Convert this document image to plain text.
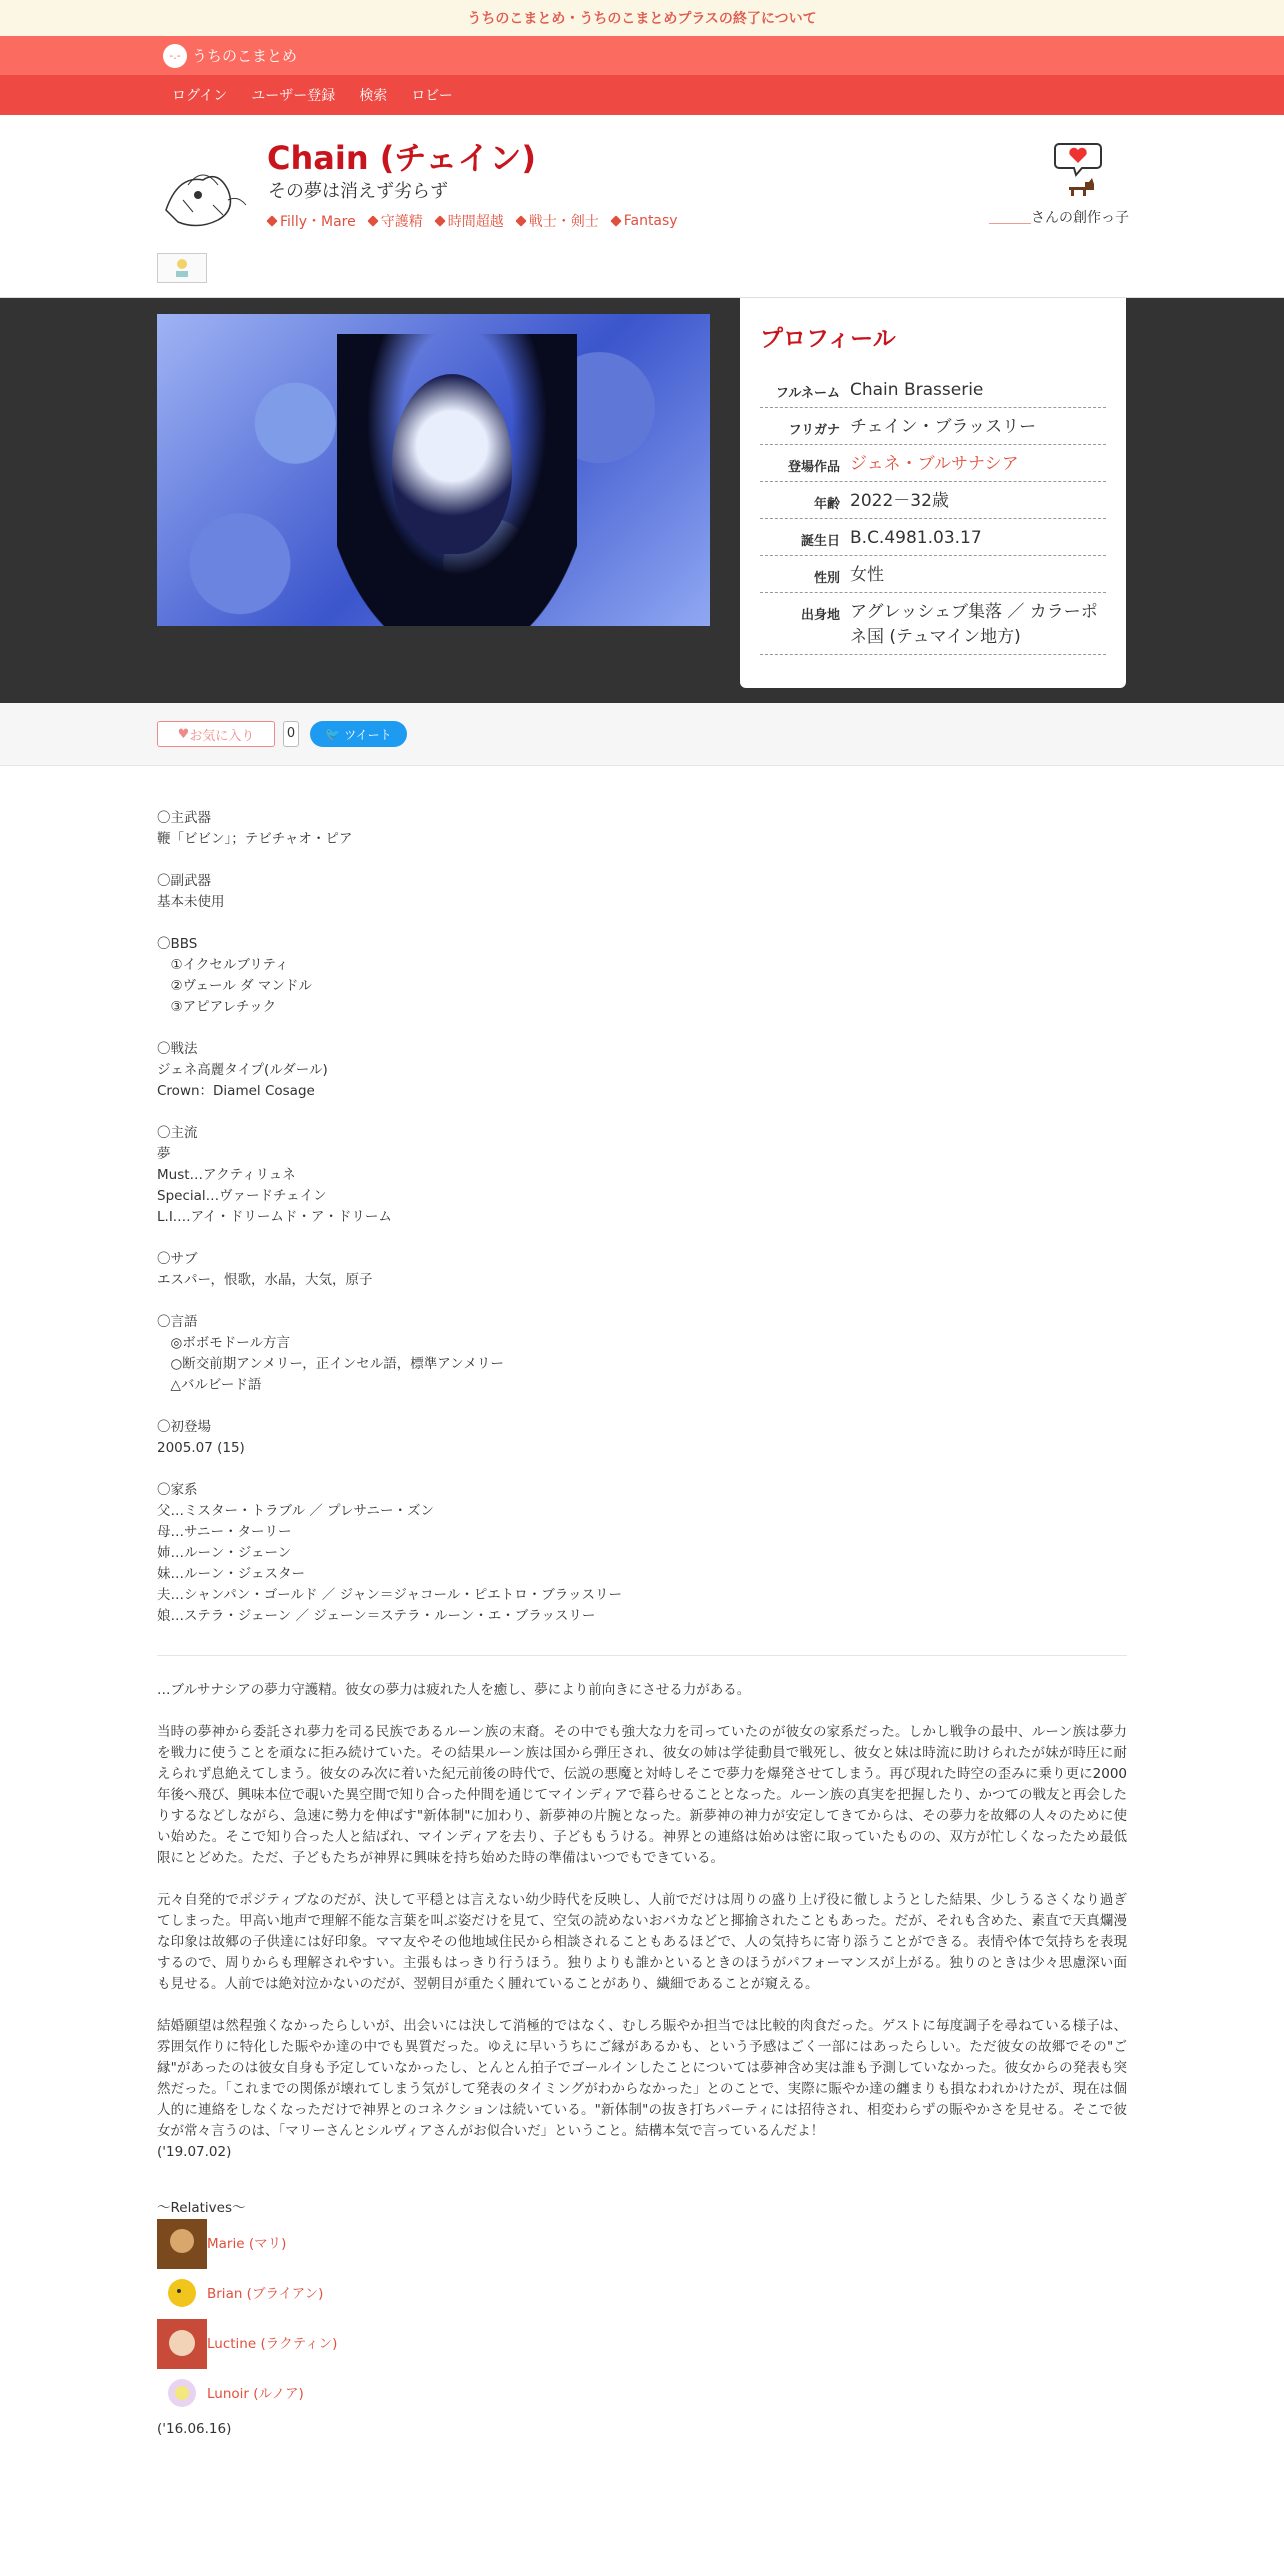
うちのこまとめ・うちのこまとめプラスの終了について
-.- うちのこまとめ
ログイン	ユーザー登録	検索	ロビー
Chain (チェイン)
その夢は消えず劣らず
Filly・Mare 守護精 時間超越 戦士・剣士 Fantasy	＿＿＿さんの創作っ子
プロフィール
フルネーム Chain Brasserie
フリガナ チェイン・ブラッスリー
登場作品 ジェネ・ブルサナシア
年齢 2022－32歳
誕生日 B.C.4981.03.17
性別 女性
出身地 アグレッシェブ集落 ／ カラーポネ国 (テュマイン地方)
♥ お気に入り	0	🐦 ツイート
〇主武器
鞭「ビビン」；テビチャオ・ピア
〇副武器
基本未使用
〇BBS
　①イクセルブリティ
　②ヴェール ダ マンドル
　③アピアレチック
〇戦法
ジェネ高麗タイプ(ルダール)
Crown：Diamel Cosage
〇主流
夢
Must…アクティリュネ
Special…ヴァードチェイン
L.I.…アイ・ドリームド・ア・ドリーム
〇サブ
エスパー，恨歌，水晶，大気，原子
〇言語
　◎ボボモドール方言
　○断交前期アンメリー，正インセル語，標準アンメリー
　△バルビード語
〇初登場
2005.07 (15)
〇家系
父…ミスター・トラブル ／ プレサニー・ズン
母…サニー・ターリー
姉…ルーン・ジェーン
妹…ルーン・ジェスター
夫…シャンパン・ゴールド ／ ジャン＝ジャコール・ピエトロ・ブラッスリー
娘…ステラ・ジェーン ／ ジェーン＝ステラ・ルーン・エ・ブラッスリー
…ブルサナシアの夢力守護精。彼女の夢力は疲れた人を癒し、夢により前向きにさせる力がある。
当時の夢神から委託され夢力を司る民族であるルーン族の末裔。その中でも強大な力を司っていたのが彼女の家系だった。しかし戦争の最中、ルーン族は夢力を戦力に使うことを頑なに拒み続けていた。その結果ルーン族は国から弾圧され、彼女の姉は学徒動員で戦死し、彼女と妹は時流に助けられたが妹が時圧に耐えられず息絶えてしまう。彼女のみ次に着いた紀元前後の時代で、伝説の悪魔と対峙しそこで夢力を爆発させてしまう。再び現れた時空の歪みに乗り更に2000年後へ飛び、興味本位で覗いた異空間で知り合った仲間を通じてマインディアで暮らせることとなった。ルーン族の真実を把握したり、かつての戦友と再会したりするなどしながら、急速に勢力を伸ばす"新体制"に加わり、新夢神の片腕となった。新夢神の神力が安定してきてからは、その夢力を故郷の人々のために使い始めた。そこで知り合った人と結ばれ、マインディアを去り、子どももうける。神界との連絡は始めは密に取っていたものの、双方が忙しくなったため最低限にとどめた。ただ、子どもたちが神界に興味を持ち始めた時の準備はいつでもできている。
元々自発的でポジティブなのだが、決して平穏とは言えない幼少時代を反映し、人前でだけは周りの盛り上げ役に徹しようとした結果、少しうるさくなり過ぎてしまった。甲高い地声で理解不能な言葉を叫ぶ姿だけを見て、空気の読めないおバカなどと揶揄されたこともあった。だが、それも含めた、素直で天真爛漫な印象は故郷の子供達には好印象。ママ友やその他地域住民から相談されることもあるほどで、人の気持ちに寄り添うことができる。表情や体で気持ちを表現するので、周りからも理解されやすい。主張もはっきり行うほう。独りよりも誰かといるときのほうがパフォーマンスが上がる。独りのときは少々思慮深い面も見せる。人前では絶対泣かないのだが、翌朝目が重たく腫れていることがあり、繊細であることが窺える。
結婚願望は然程強くなかったらしいが、出会いには決して消極的ではなく、むしろ賑やか担当では比較的肉食だった。ゲストに毎度調子を尋ねている様子は、雰囲気作りに特化した賑やか達の中でも異質だった。ゆえに早いうちにご縁があるかも、という予感はごく一部にはあったらしい。ただ彼女の故郷でその"ご縁"があったのは彼女自身も予定していなかったし、とんとん拍子でゴールインしたことについては夢神含め実は誰も予測していなかった。彼女からの発表も突然だった。「これまでの関係が壊れてしまう気がして発表のタイミングがわからなかった」とのことで、実際に賑やか達の纏まりも損なわれかけたが、現在は個人的に連絡をしなくなっただけで神界とのコネクションは続いている。"新体制"の抜き打ちパーティには招待され、相変わらずの賑やかさを見せる。そこで彼女が常々言うのは、「マリーさんとシルヴィアさんがお似合いだ」ということ。結構本気で言っているんだよ！
('19.07.02)
～Relatives～
Marie (マリ)
Brian (ブライアン)
Luctine (ラクティン)
Lunoir (ルノア)
('16.06.16)
